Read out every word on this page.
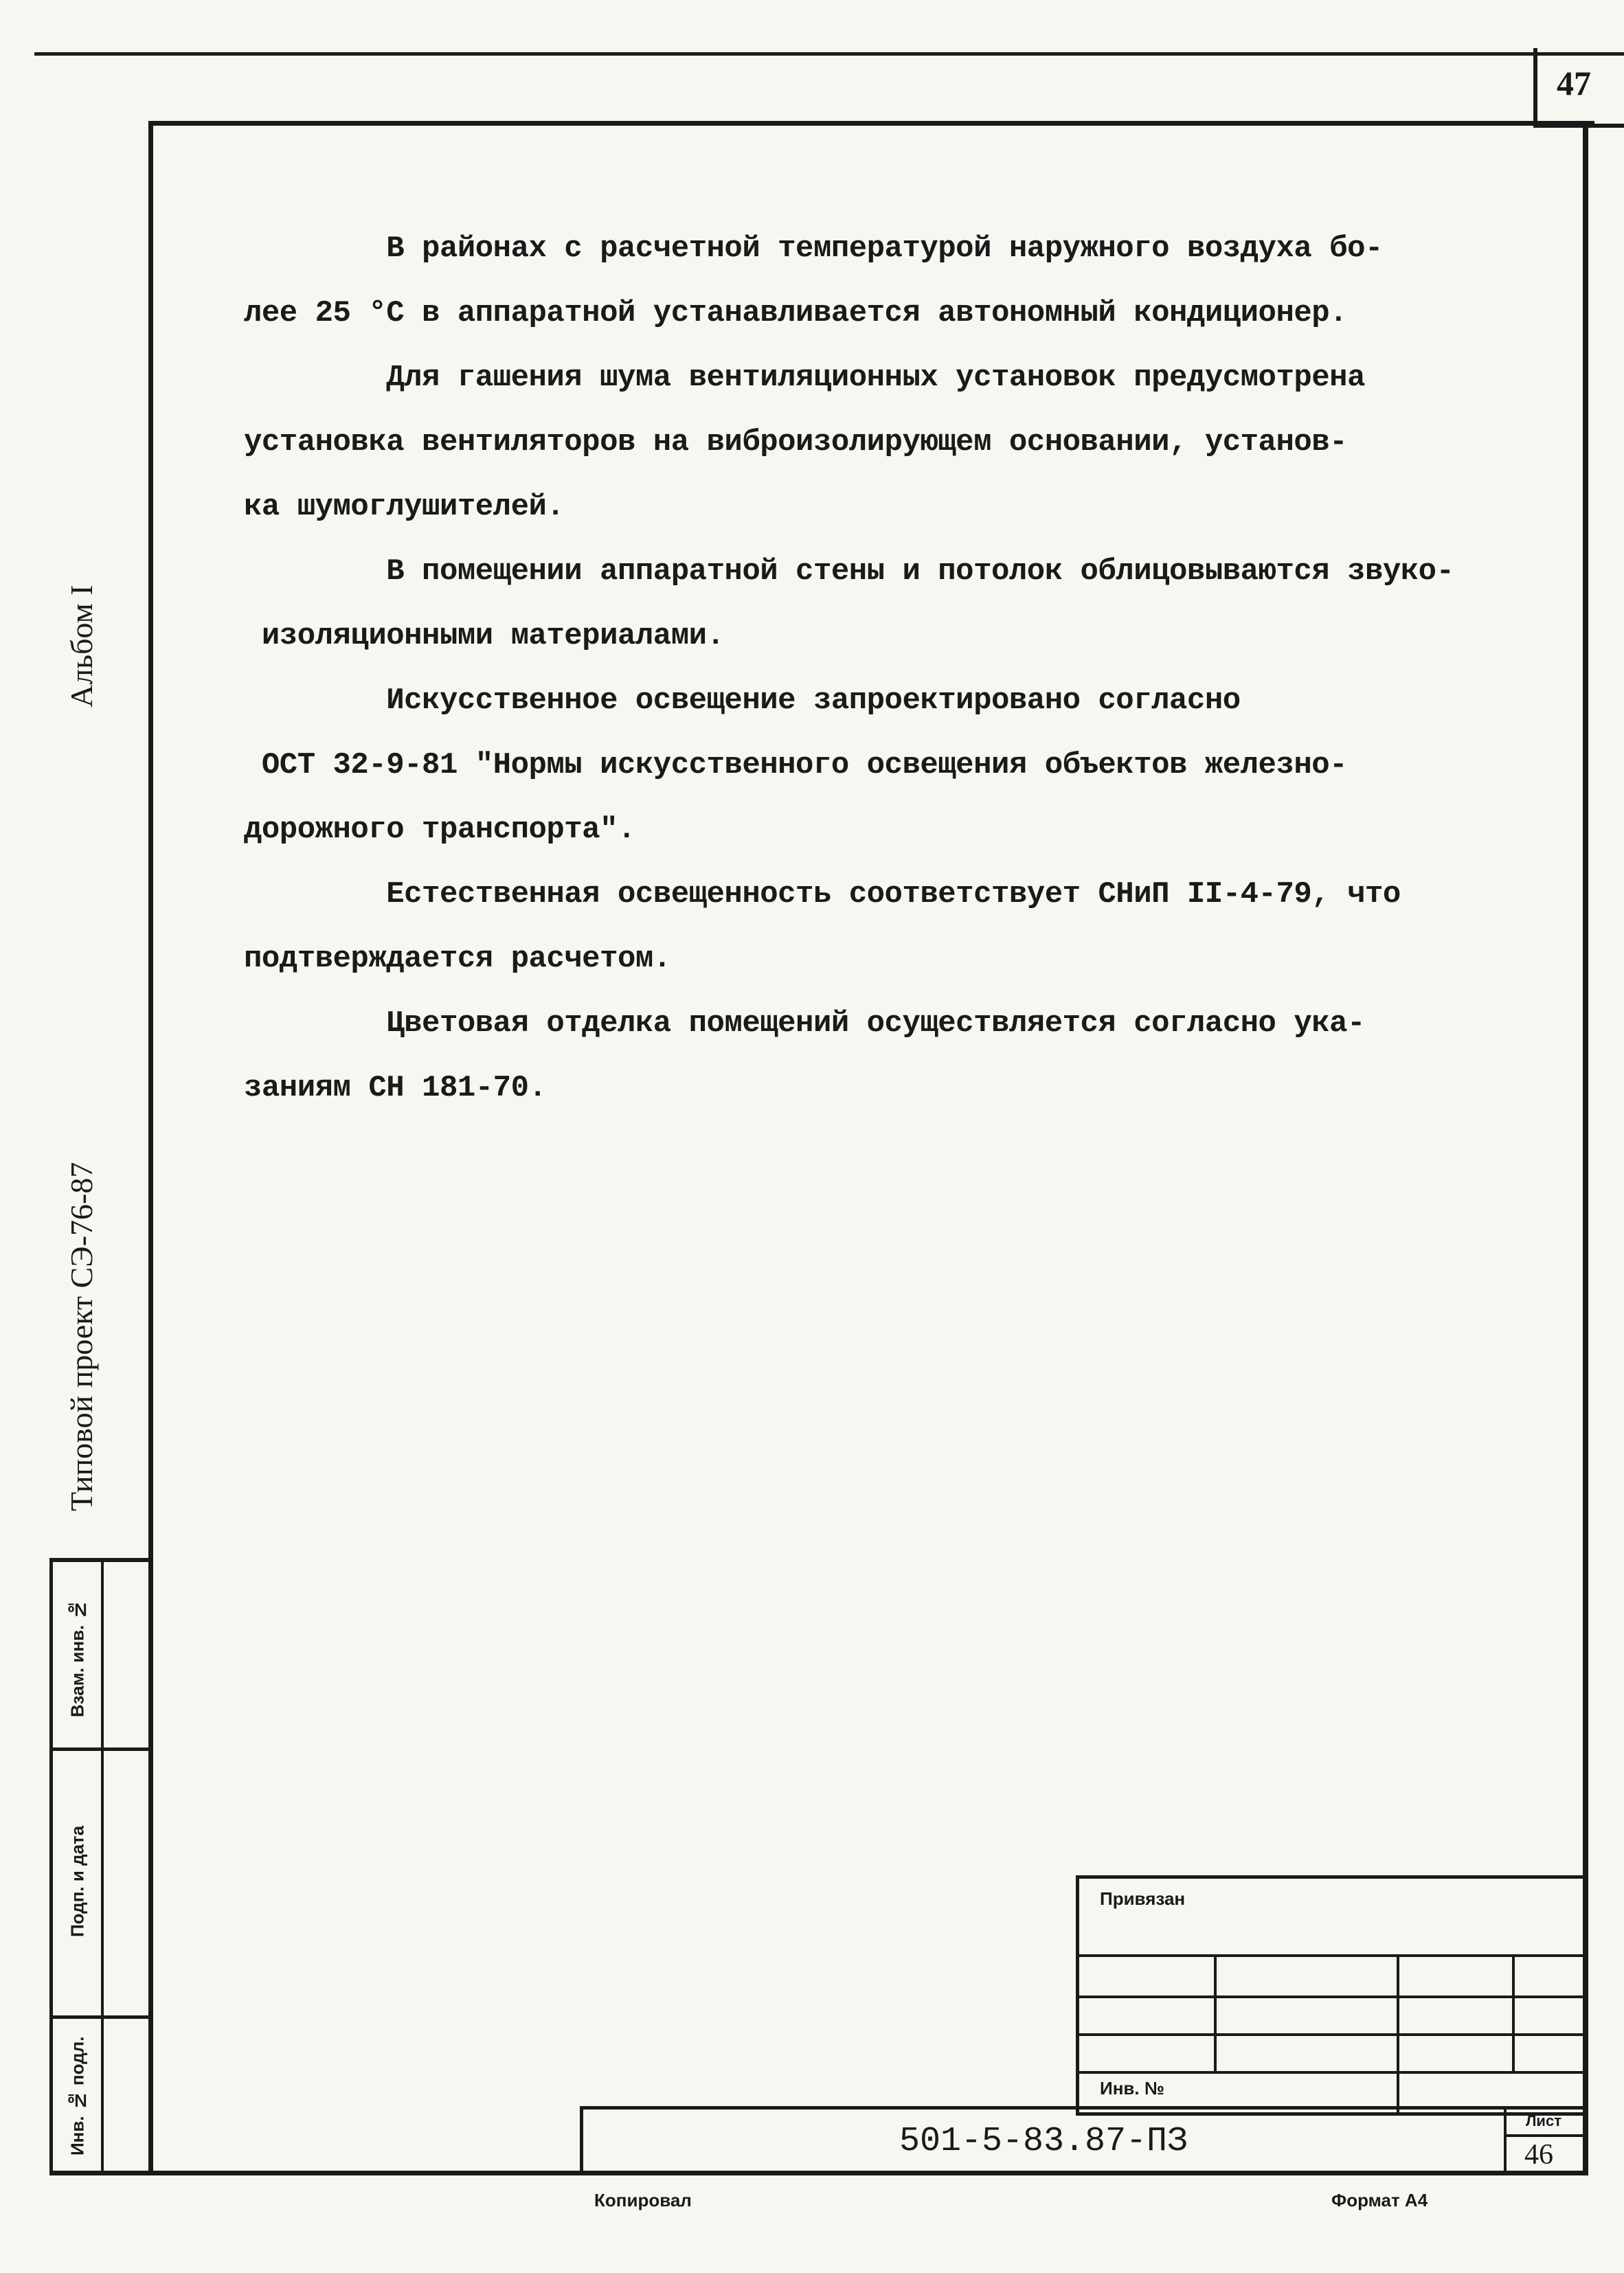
47

В районах с расчетной температурой наружного воздуха бо-

лее 25 °С в аппаратной устанавливается автономный кондиционер.

Для гашения шума вентиляционных установок предусмотрена

установка вентиляторов на виброизолирующем основании, установ-

ка шумоглушителей.

В помещении аппаратной стены и потолок облицовываются звуко-

изоляционными материалами.

Искусственное освещение запроектировано согласно

ОСТ 32-9-81 "Нормы искусственного освещения объектов железно-

дорожного транспорта".

Естественная освещенность соответствует СНиП II-4-79, что

подтверждается расчетом.

Цветовая отделка помещений осуществляется согласно ука-

заниям СН 181-70.

Альбом I
Типовой проект СЭ-76-87
Взам. инв. №
Подп. и дата
Инв. № подл.
Привязан
Инв. №
501-5-83.87-ПЗ
Лист
46
Копировал	Формат А4
